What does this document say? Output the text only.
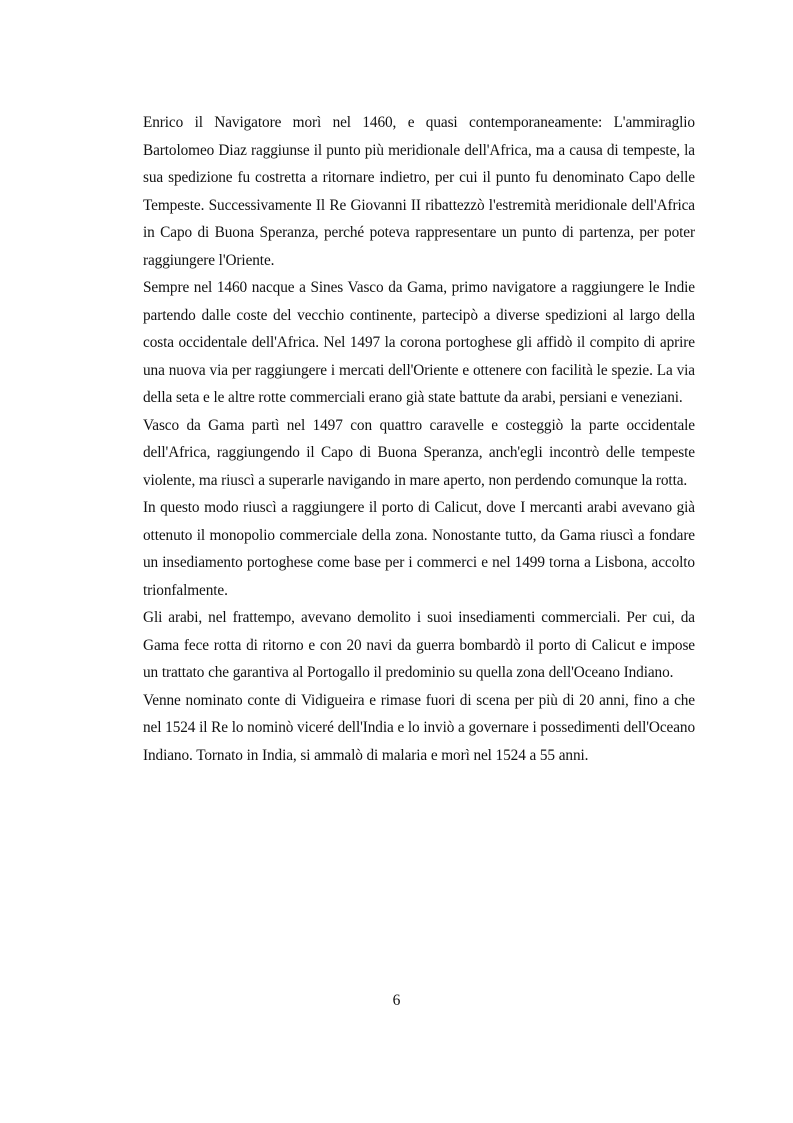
Enrico il Navigatore morì nel 1460, e quasi contemporaneamente: L'ammiraglio Bartolomeo Diaz raggiunse il punto più meridionale dell'Africa, ma a causa di tempeste, la sua spedizione fu costretta a ritornare indietro, per cui il punto fu denominato Capo delle Tempeste. Successivamente Il Re Giovanni II ribattezzò l'estremità meridionale dell'Africa in Capo di Buona Speranza, perché poteva rappresentare un punto di partenza, per poter raggiungere l'Oriente.

Sempre nel 1460 nacque a Sines Vasco da Gama, primo navigatore a raggiungere le Indie partendo dalle coste del vecchio continente, partecipò a diverse spedizioni al largo della costa occidentale dell'Africa. Nel 1497 la corona portoghese gli affidò il compito di aprire una nuova via per raggiungere i mercati dell'Oriente e ottenere con facilità le spezie. La via della seta e le altre rotte commerciali erano già state battute da arabi, persiani e veneziani.

Vasco da Gama partì nel 1497 con quattro caravelle e costeggiò la parte occidentale dell'Africa, raggiungendo il Capo di Buona Speranza, anch'egli incontrò delle tempeste violente, ma riuscì a superarle navigando in mare aperto, non perdendo comunque la rotta.

In questo modo riuscì a raggiungere il porto di Calicut, dove I mercanti arabi avevano già ottenuto il monopolio commerciale della zona. Nonostante tutto, da Gama riuscì a fondare un insediamento portoghese come base per i commerci e nel 1499 torna a Lisbona, accolto trionfalmente.

Gli arabi, nel frattempo, avevano demolito i suoi insediamenti commerciali. Per cui, da Gama fece rotta di ritorno e con 20 navi da guerra bombardò il porto di Calicut e impose un trattato che garantiva al Portogallo il predominio su quella zona dell'Oceano Indiano.

Venne nominato conte di Vidigueira e rimase fuori di scena per più di 20 anni, fino a che nel 1524 il Re lo nominò viceré dell'India e lo inviò a governare i possedimenti dell'Oceano Indiano. Tornato in India, si ammalò di malaria e morì nel 1524 a 55 anni.

6
